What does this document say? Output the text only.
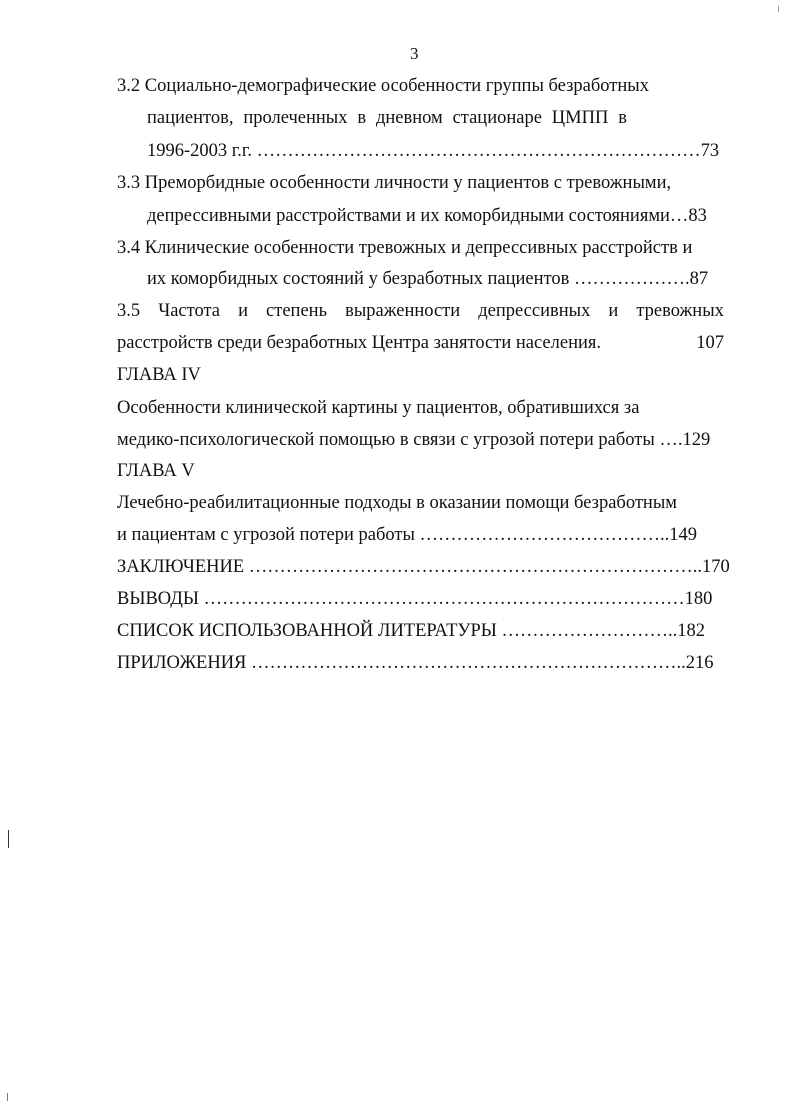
3
3.2 Социально-демографические особенности группы безработных
пациентов, пролеченных в дневном стационаре ЦМПП в
1996-2003 г.г. ………………………………………………………………73
3.3 Преморбидные особенности личности у пациентов с тревожными,
депрессивными расстройствами и их коморбидными состояниями…83
3.4 Клинические особенности тревожных и депрессивных расстройств и
их коморбидных состояний у безработных пациентов ……………….87
3.5 Частота и степень выраженности депрессивных и тревожных
расстройств среди безработных Центра занятости населения.	107
ГЛАВА IV
Особенности клинической картины у пациентов, обратившихся за
медико-психологической помощью в связи с угрозой потери работы ….129
ГЛАВА V
Лечебно-реабилитационные подходы в оказании помощи безработным
и пациентам с угрозой потери работы …………………………………..149
ЗАКЛЮЧЕНИЕ ………………………………………………………………..170
ВЫВОДЫ ……………………………………………………………………180
СПИСОК ИСПОЛЬЗОВАННОЙ ЛИТЕРАТУРЫ ………………………..182
ПРИЛОЖЕНИЯ ……………………………………………………………..216
